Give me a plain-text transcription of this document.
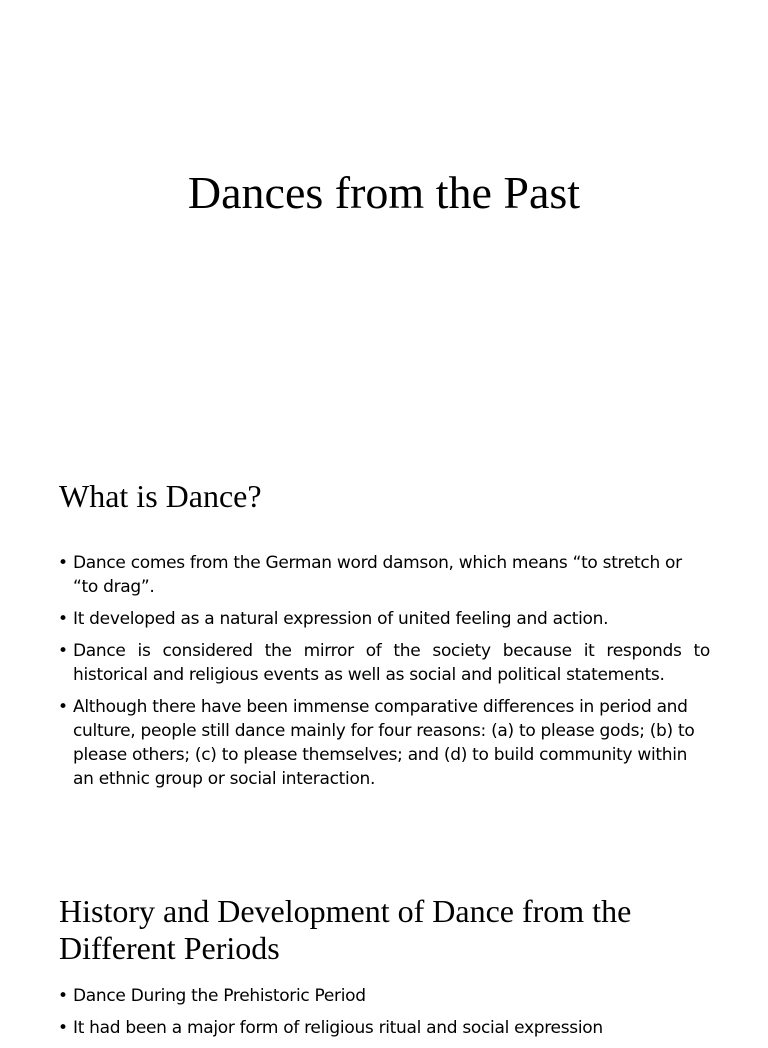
Dances from the Past
What is Dance?
• Dance comes from the German word damson, which means “to stretch or “to drag”.
• It developed as a natural expression of united feeling and action.
• Dance is considered the mirror of the society because it responds to historical and religious events as well as social and political statements.
• Although there have been immense comparative differences in period and culture, people still dance mainly for four reasons: (a) to please gods; (b) to please others; (c) to please themselves; and (d) to build community within an ethnic group or social interaction.
History and Development of Dance from the Different Periods
• Dance During the Prehistoric Period
• It had been a major form of religious ritual and social expression
